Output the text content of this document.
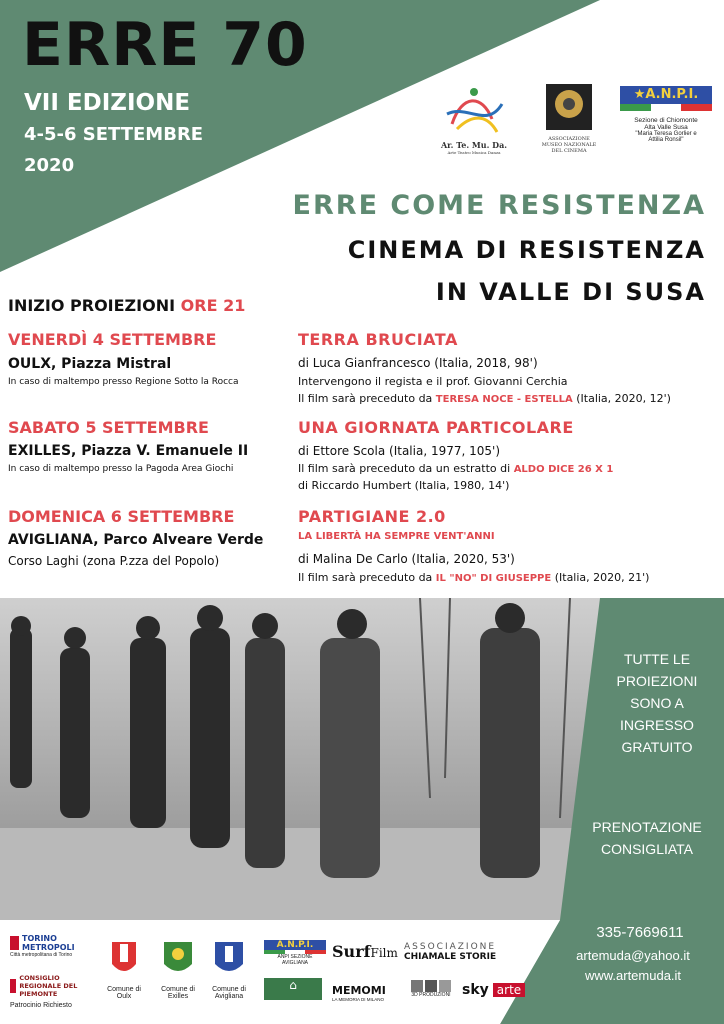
ERRE 70
VII EDIZIONE
4-5-6 SETTEMBRE
2020
Ar. Te. Mu. Da.
Arte Teatro Musica Danza
ASSOCIAZIONE
MUSEO NAZIONALE
DEL CINEMA
★A.N.P.I.
Sezione di Chiomonte
Alta Valle Susa
"Maria Teresa Gorlier e
Attilia Ronsil"
ERRE COME RESISTENZA
CINEMA DI RESISTENZA
IN VALLE DI SUSA
INIZIO PROIEZIONI ORE 21
VENERDÌ 4 SETTEMBRE
OULX, Piazza Mistral
In caso di maltempo presso Regione Sotto la Rocca
SABATO 5 SETTEMBRE
EXILLES, Piazza V. Emanuele II
In caso di maltempo presso la Pagoda Area Giochi
DOMENICA 6 SETTEMBRE
AVIGLIANA, Parco Alveare Verde
Corso Laghi (zona P.zza del Popolo)
TERRA BRUCIATA
di Luca Gianfrancesco (Italia, 2018, 98')
Intervengono il regista e il prof. Giovanni Cerchia
Il film sarà preceduto da TERESA NOCE - ESTELLA (Italia, 2020, 12')
UNA GIORNATA PARTICOLARE
di Ettore Scola (Italia, 1977, 105')
Il film sarà preceduto da un estratto di ALDO DICE 26 X 1
di Riccardo Humbert (Italia, 1980, 14')
PARTIGIANE 2.0
LA LIBERTÀ HA SEMPRE VENT'ANNI
di Malina De Carlo (Italia, 2020, 53')
Il film sarà preceduto da IL "NO" DI GIUSEPPE (Italia, 2020, 21')
TUTTE LE
PROIEZIONI
SONO A
INGRESSO
GRATUITO
PRENOTAZIONE
CONSIGLIATA
335-7669611
artemuda@yahoo.it
www.artemuda.it
TORINO METROPOLI
Città metropolitana di Torino
CONSIGLIO REGIONALE DEL PIEMONTE
Patrocinio Richiesto
Comune di Oulx
Comune di Exilles
Comune di Avigliana
A.N.P.I.
ANPI SEZIONE AVIGLIANA
⌂
SurfFilm ASSOCIAZIONE
CHIAMALE STORIE
MEMOMI
LA MEMORIA DI MILANO
3D PRODUZIONI sky arte
